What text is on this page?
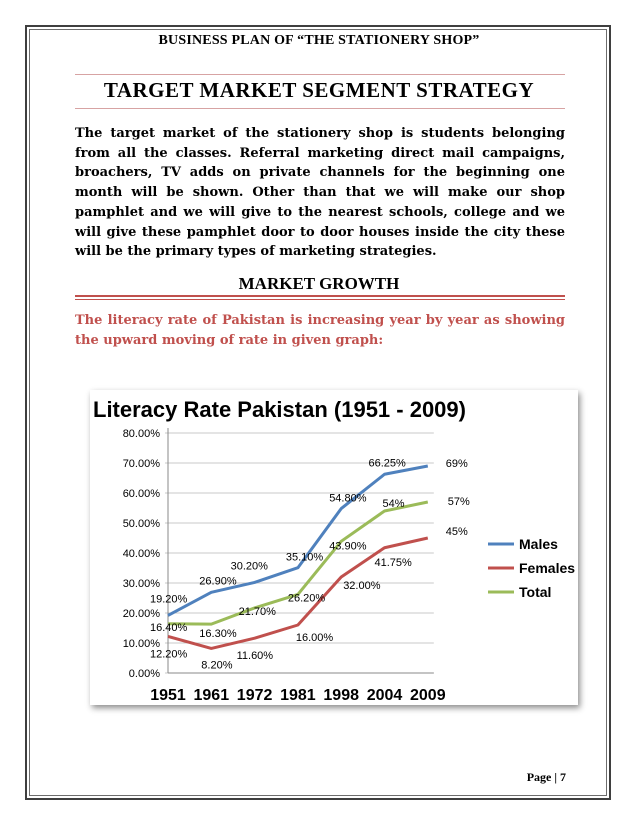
BUSINESS PLAN OF “THE STATIONERY SHOP”
TARGET MARKET SEGMENT STRATEGY
The target market of the stationery shop is students belonging from all the classes. Referral marketing direct mail campaigns, broachers, TV adds on private channels for the beginning one month will be shown. Other than that we will make our shop pamphlet and we will give to the nearest schools, college and we will give these pamphlet door to door houses inside the city these will be the primary types of marketing strategies.
MARKET GROWTH
The literacy rate of Pakistan is increasing year by year as showing the upward moving of rate in given graph:
Literacy Rate Pakistan (1951 - 2009)
0.00%
10.00%
20.00%
30.00%
40.00%
50.00%
60.00%
70.00%
80.00%
1951 1961 1972 1981 1998 2004 2009
19.20%
26.90%
30.20%
35.10%
54.80%
66.25%	69%
12.20%
8.20%
11.60%
16.00%
32.00%
41.75%
45%
16.40%
16.30%
21.70%
26.20%
43.90%
54%	57%
Males
Females
Total
Page | 7
